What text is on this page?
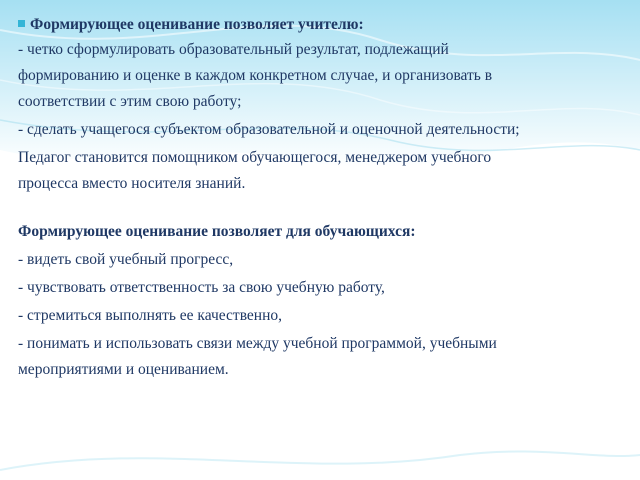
Формирующее оценивание позволяет учителю:
- четко сформулировать образовательный результат, подлежащий
формированию и оценке в каждом конкретном случае, и организовать в
соответствии с этим свою работу;
- сделать учащегося субъектом образовательной и оценочной деятельности;
Педагог становится помощником обучающегося, менеджером учебного
процесса вместо носителя знаний.
Формирующее оценивание позволяет для обучающихся:
- видеть свой учебный прогресс,
- чувствовать ответственность за свою учебную работу,
- стремиться выполнять ее качественно,
- понимать и использовать связи между учебной программой, учебными
мероприятиями и оцениванием.
